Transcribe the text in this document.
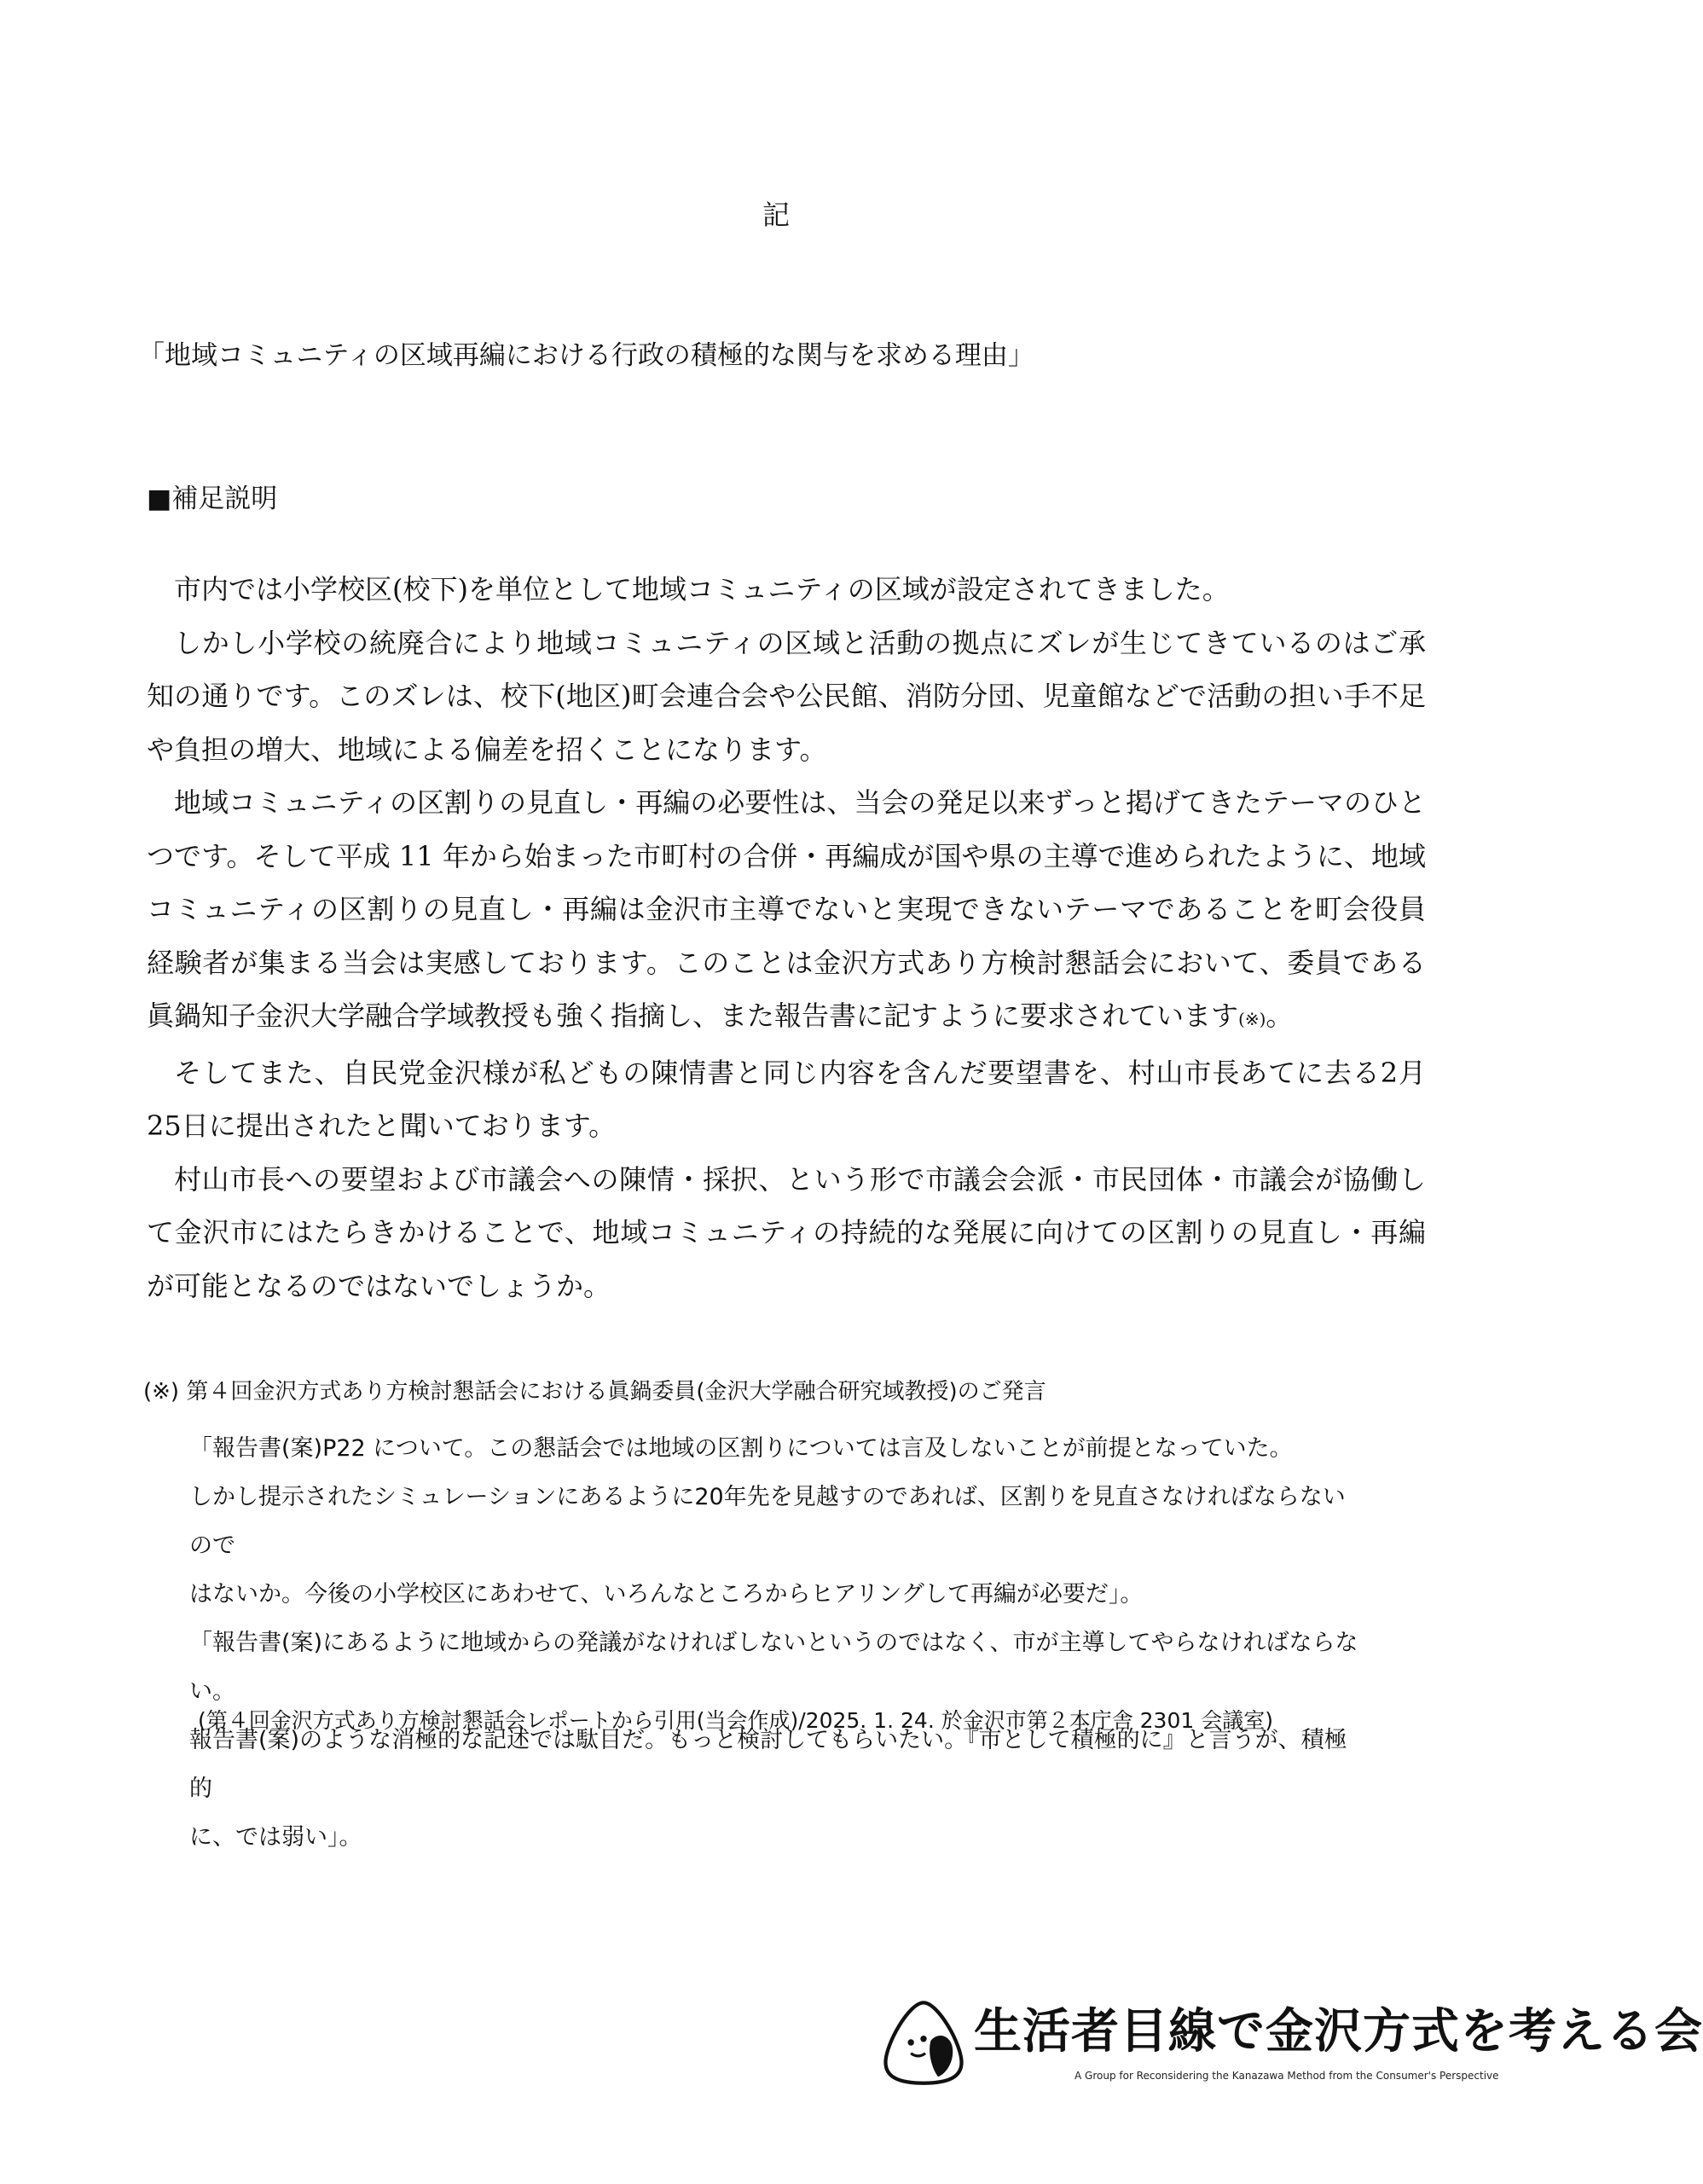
記
「地域コミュニティの区域再編における行政の積極的な関与を求める理由」
■補足説明

市内では小学校区(校下)を単位として地域コミュニティの区域が設定されてきました。

しかし小学校の統廃合により地域コミュニティの区域と活動の拠点にズレが生じてきているのはご承知の通りです。このズレは、校下(地区)町会連合会や公民館、消防分団、児童館などで活動の担い手不足や負担の増大、地域による偏差を招くことになります。

地域コミュニティの区割りの見直し・再編の必要性は、当会の発足以来ずっと掲げてきたテーマのひとつです。そして平成 11 年から始まった市町村の合併・再編成が国や県の主導で進められたように、地域コミュニティの区割りの見直し・再編は金沢市主導でないと実現できないテーマであることを町会役員経験者が集まる当会は実感しております。このことは金沢方式あり方検討懇話会において、委員である眞鍋知子金沢大学融合学域教授も強く指摘し、また報告書に記すように要求されています(※)。

そしてまた、自民党金沢様が私どもの陳情書と同じ内容を含んだ要望書を、村山市長あてに去る2月25日に提出されたと聞いております。

村山市長への要望および市議会への陳情・採択、という形で市議会会派・市民団体・市議会が協働して金沢市にはたらきかけることで、地域コミュニティの持続的な発展に向けての区割りの見直し・再編が可能となるのではないでしょうか。

(※) 第４回金沢方式あり方検討懇話会における眞鍋委員(金沢大学融合研究域教授)のご発言

「報告書(案)P22 について。この懇話会では地域の区割りについては言及しないことが前提となっていた。

しかし提示されたシミュレーションにあるように20年先を見越すのであれば、区割りを見直さなければならないので

はないか。今後の小学校区にあわせて、いろんなところからヒアリングして再編が必要だ」。

「報告書(案)にあるように地域からの発議がなければしないというのではなく、市が主導してやらなければならない。

報告書(案)のような消極的な記述では駄目だ。もっと検討してもらいたい。『市として積極的に』と言うが、積極的

に、では弱い」。

(第４回金沢方式あり方検討懇話会レポートから引用(当会作成)/2025. 1. 24. 於金沢市第２本庁舎 2301 会議室)
生活者目線で金沢方式を考える会
A Group for Reconsidering the Kanazawa Method from the Consumer's Perspective
